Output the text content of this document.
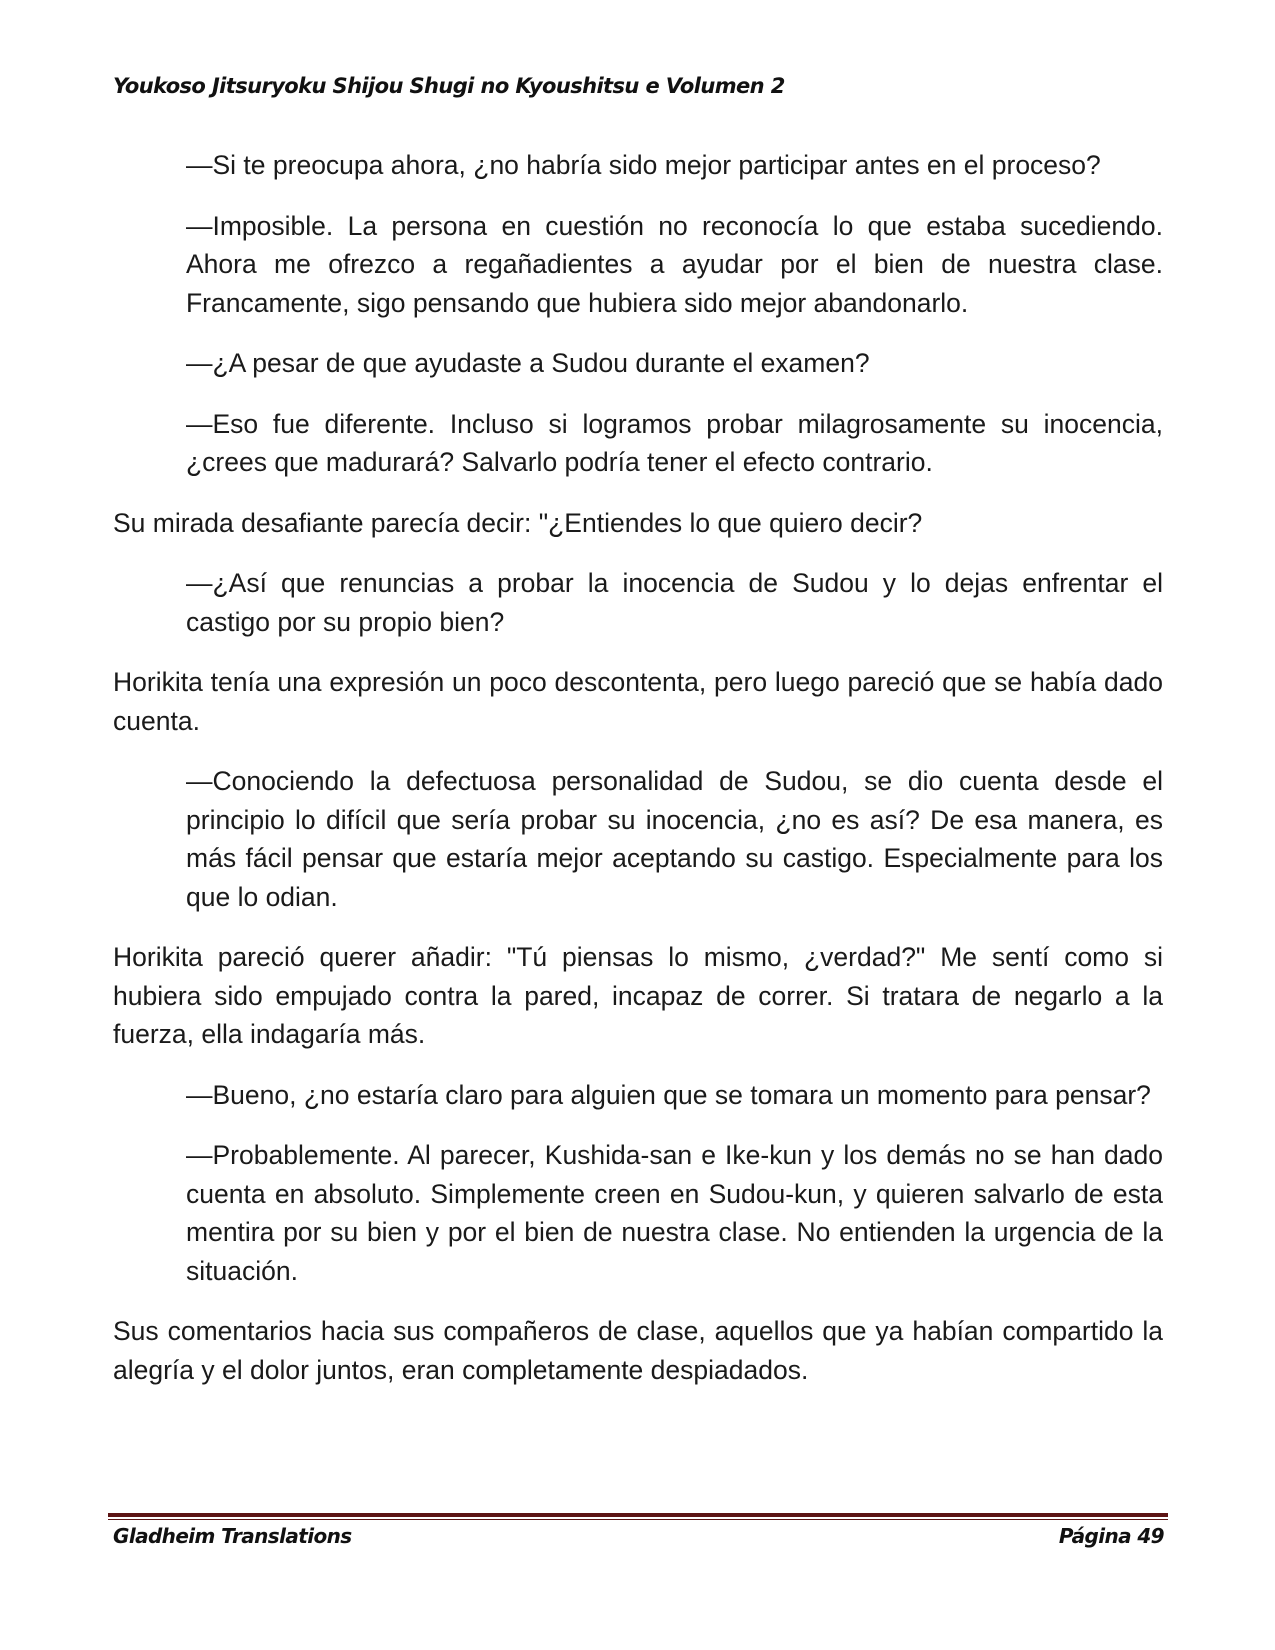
Youkoso Jitsuryoku Shijou Shugi no Kyoushitsu e Volumen 2

—Si te preocupa ahora, ¿no habría sido mejor participar antes en el proceso?

—Imposible. La persona en cuestión no reconocía lo que estaba sucediendo. Ahora me ofrezco a regañadientes a ayudar por el bien de nuestra clase. Francamente, sigo pensando que hubiera sido mejor abandonarlo.

—¿A pesar de que ayudaste a Sudou durante el examen?

—Eso fue diferente. Incluso si logramos probar milagrosamente su inocencia, ¿crees que madurará? Salvarlo podría tener el efecto contrario.

Su mirada desafiante parecía decir: "¿Entiendes lo que quiero decir?

—¿Así que renuncias a probar la inocencia de Sudou y lo dejas enfrentar el castigo por su propio bien?

Horikita tenía una expresión un poco descontenta, pero luego pareció que se había dado cuenta.

—Conociendo la defectuosa personalidad de Sudou, se dio cuenta desde el principio lo difícil que sería probar su inocencia, ¿no es así? De esa manera, es más fácil pensar que estaría mejor aceptando su castigo. Especialmente para los que lo odian.

Horikita pareció querer añadir: "Tú piensas lo mismo, ¿verdad?" Me sentí como si hubiera sido empujado contra la pared, incapaz de correr. Si tratara de negarlo a la fuerza, ella indagaría más.

—Bueno, ¿no estaría claro para alguien que se tomara un momento para pensar?

—Probablemente. Al parecer, Kushida-san e Ike-kun y los demás no se han dado cuenta en absoluto. Simplemente creen en Sudou-kun, y quieren salvarlo de esta mentira por su bien y por el bien de nuestra clase. No entienden la urgencia de la situación.

Sus comentarios hacia sus compañeros de clase, aquellos que ya habían compartido la alegría y el dolor juntos, eran completamente despiadados.

Gladheim Translations	Página 49
